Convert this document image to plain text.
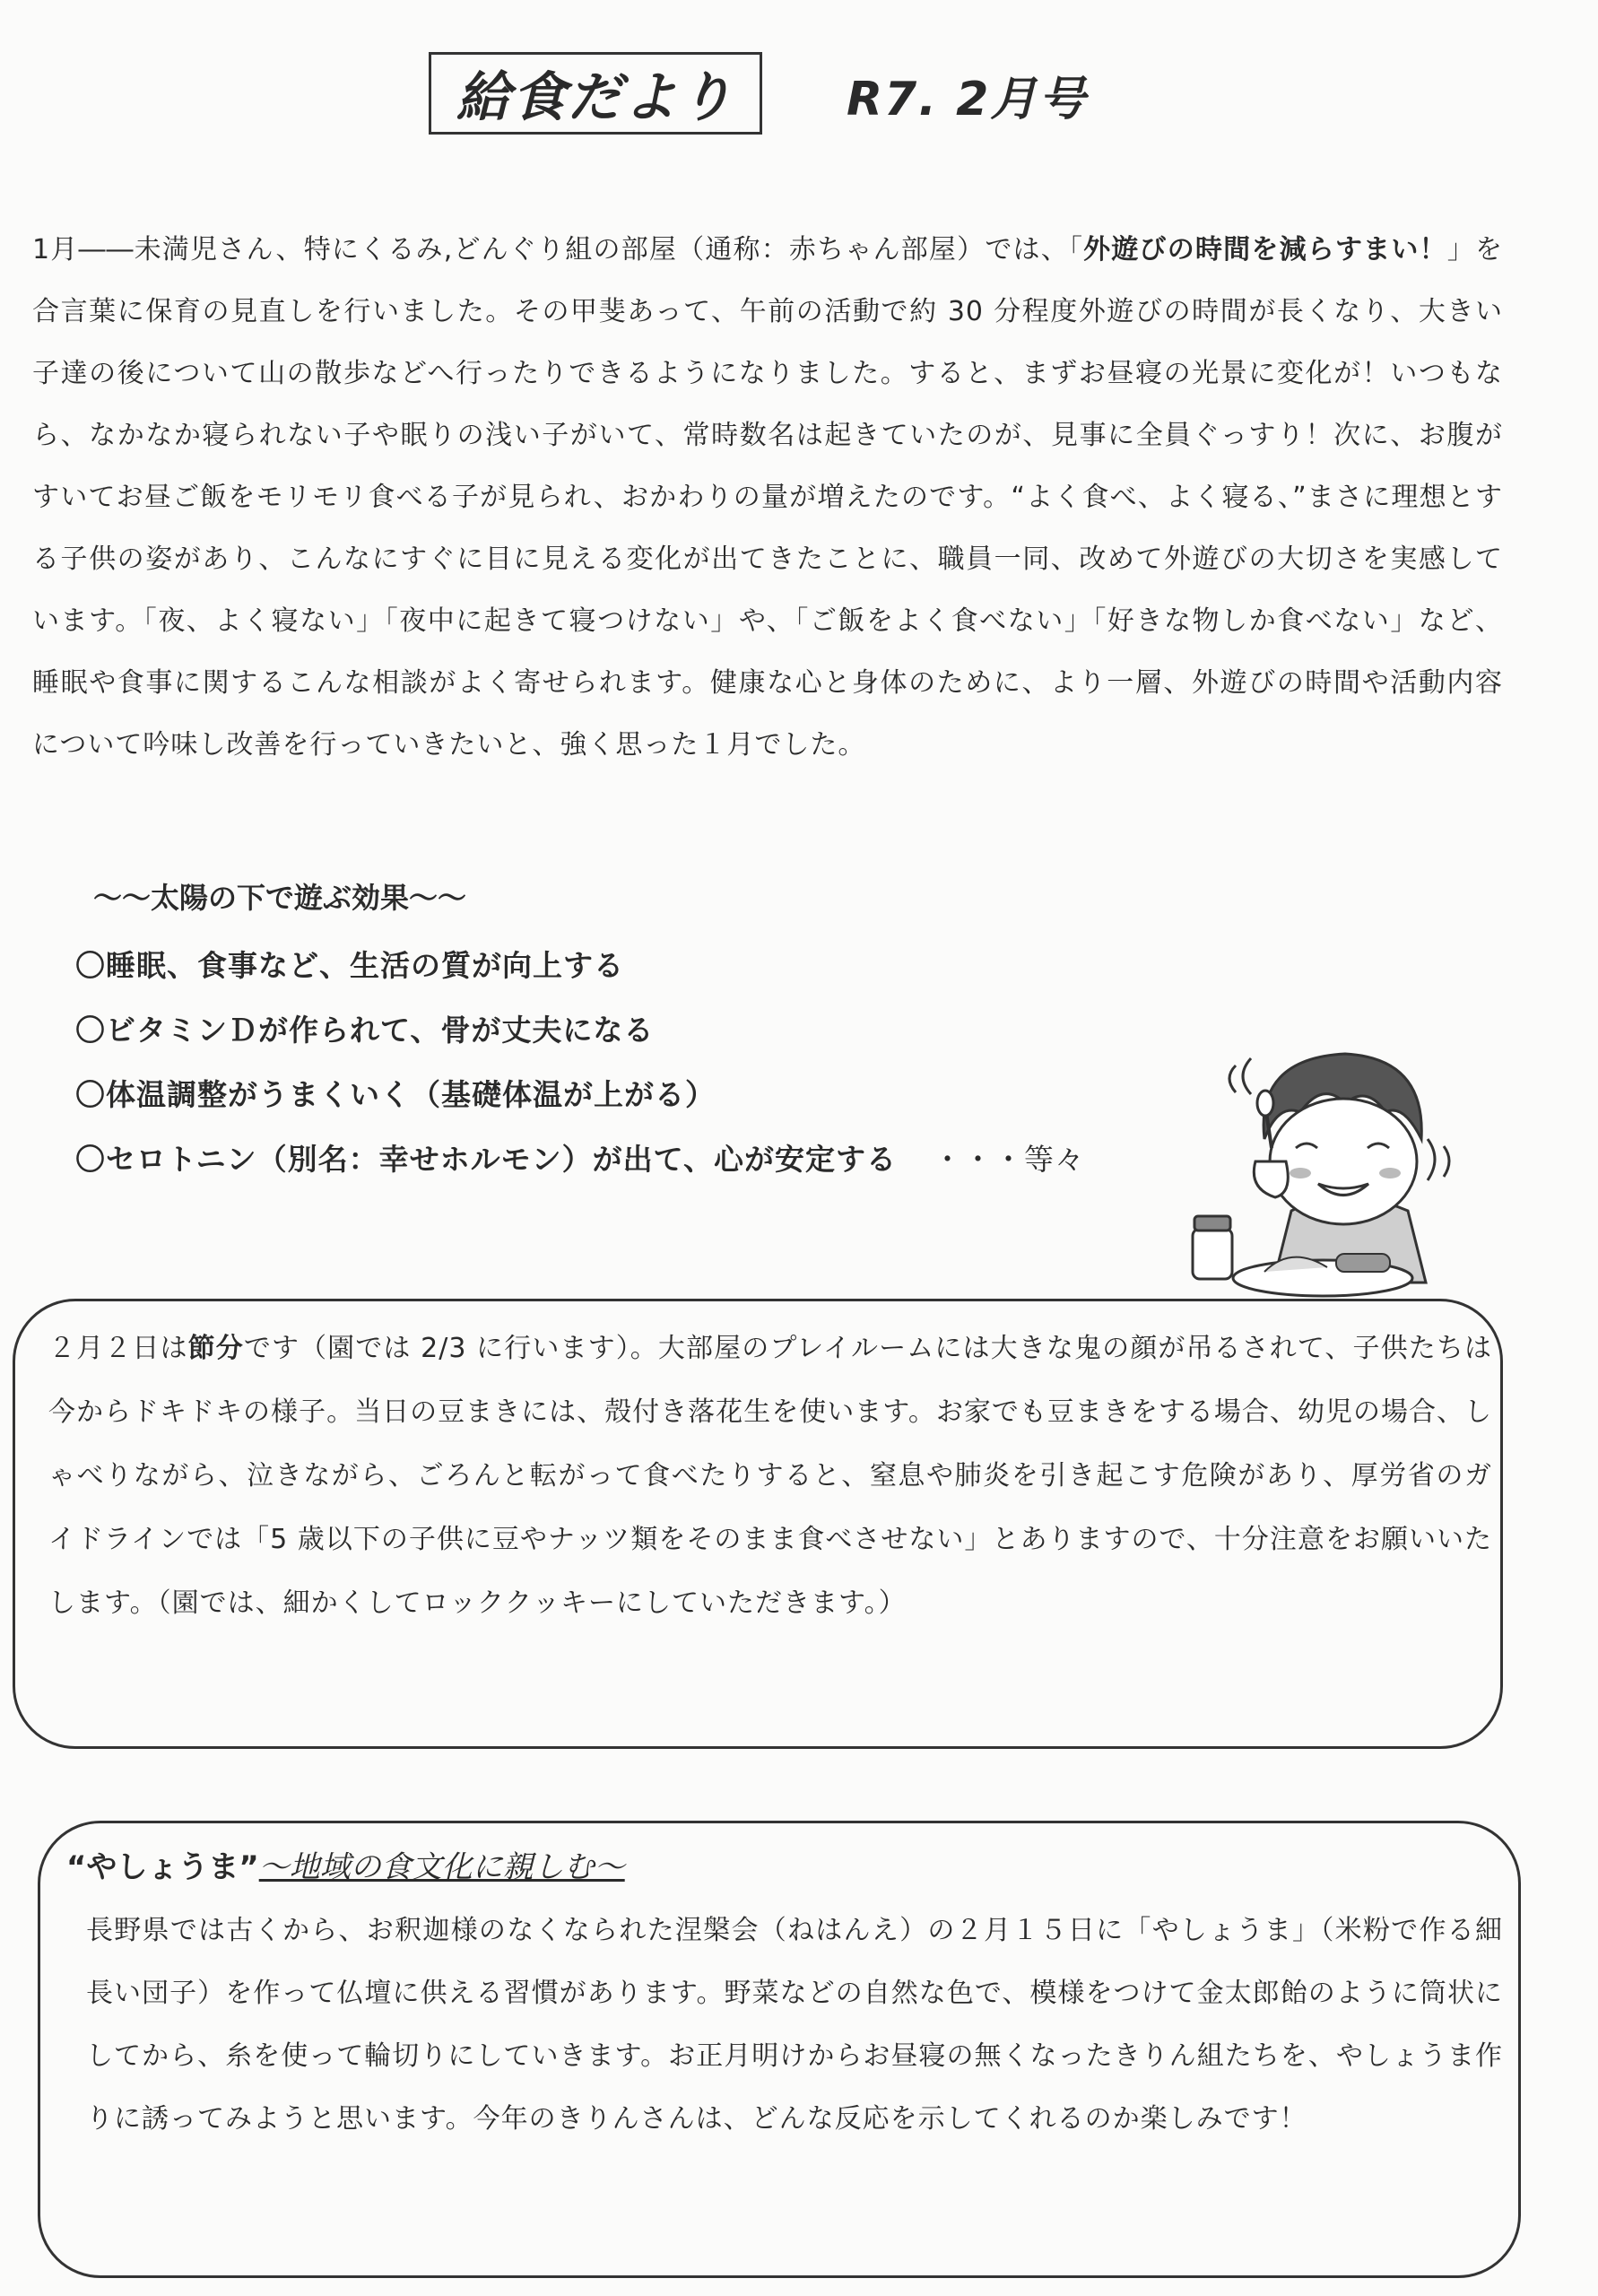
給食だより	R7. 2月号
1月――未満児さん、特にくるみ,どんぐり組の部屋（通称：赤ちゃん部屋）では、「外遊びの時間を減らすまい！」を合言葉に保育の見直しを行いました。その甲斐あって、午前の活動で約 30 分程度外遊びの時間が長くなり、大きい子達の後について山の散歩などへ行ったりできるようになりました。すると、まずお昼寝の光景に変化が！いつもなら、なかなか寝られない子や眠りの浅い子がいて、常時数名は起きていたのが、見事に全員ぐっすり！次に、お腹がすいてお昼ご飯をモリモリ食べる子が見られ、おかわりの量が増えたのです。“よく食べ、よく寝る、”まさに理想とする子供の姿があり、こんなにすぐに目に見える変化が出てきたことに、職員一同、改めて外遊びの大切さを実感しています。「夜、よく寝ない」「夜中に起きて寝つけない」や、「ご飯をよく食べない」「好きな物しか食べない」など、睡眠や食事に関するこんな相談がよく寄せられます。健康な心と身体のために、より一層、外遊びの時間や活動内容について吟味し改善を行っていきたいと、強く思った１月でした。
～～太陽の下で遊ぶ効果～～
〇睡眠、食事など、生活の質が向上する
〇ビタミンＤが作られて、骨が丈夫になる
〇体温調整がうまくいく（基礎体温が上がる）
〇セロトニン（別名：幸せホルモン）が出て、心が安定する ・・・等々
２月２日は節分です（園では 2/3 に行います）。大部屋のプレイルームには大きな鬼の顔が吊るされて、子供たちは今からドキドキの様子。当日の豆まきには、殻付き落花生を使います。お家でも豆まきをする場合、幼児の場合、しゃべりながら、泣きながら、ごろんと転がって食べたりすると、窒息や肺炎を引き起こす危険があり、厚労省のガイドラインでは「5 歳以下の子供に豆やナッツ類をそのまま食べさせない」とありますので、十分注意をお願いいたします。（園では、細かくしてロッククッキーにしていただきます。）
“やしょうま”～地域の食文化に親しむ～
長野県では古くから、お釈迦様のなくなられた涅槃会（ねはんえ）の２月１５日に「やしょうま」（米粉で作る細長い団子）を作って仏壇に供える習慣があります。野菜などの自然な色で、模様をつけて金太郎飴のように筒状にしてから、糸を使って輪切りにしていきます。お正月明けからお昼寝の無くなったきりん組たちを、やしょうま作りに誘ってみようと思います。今年のきりんさんは、どんな反応を示してくれるのか楽しみです！
